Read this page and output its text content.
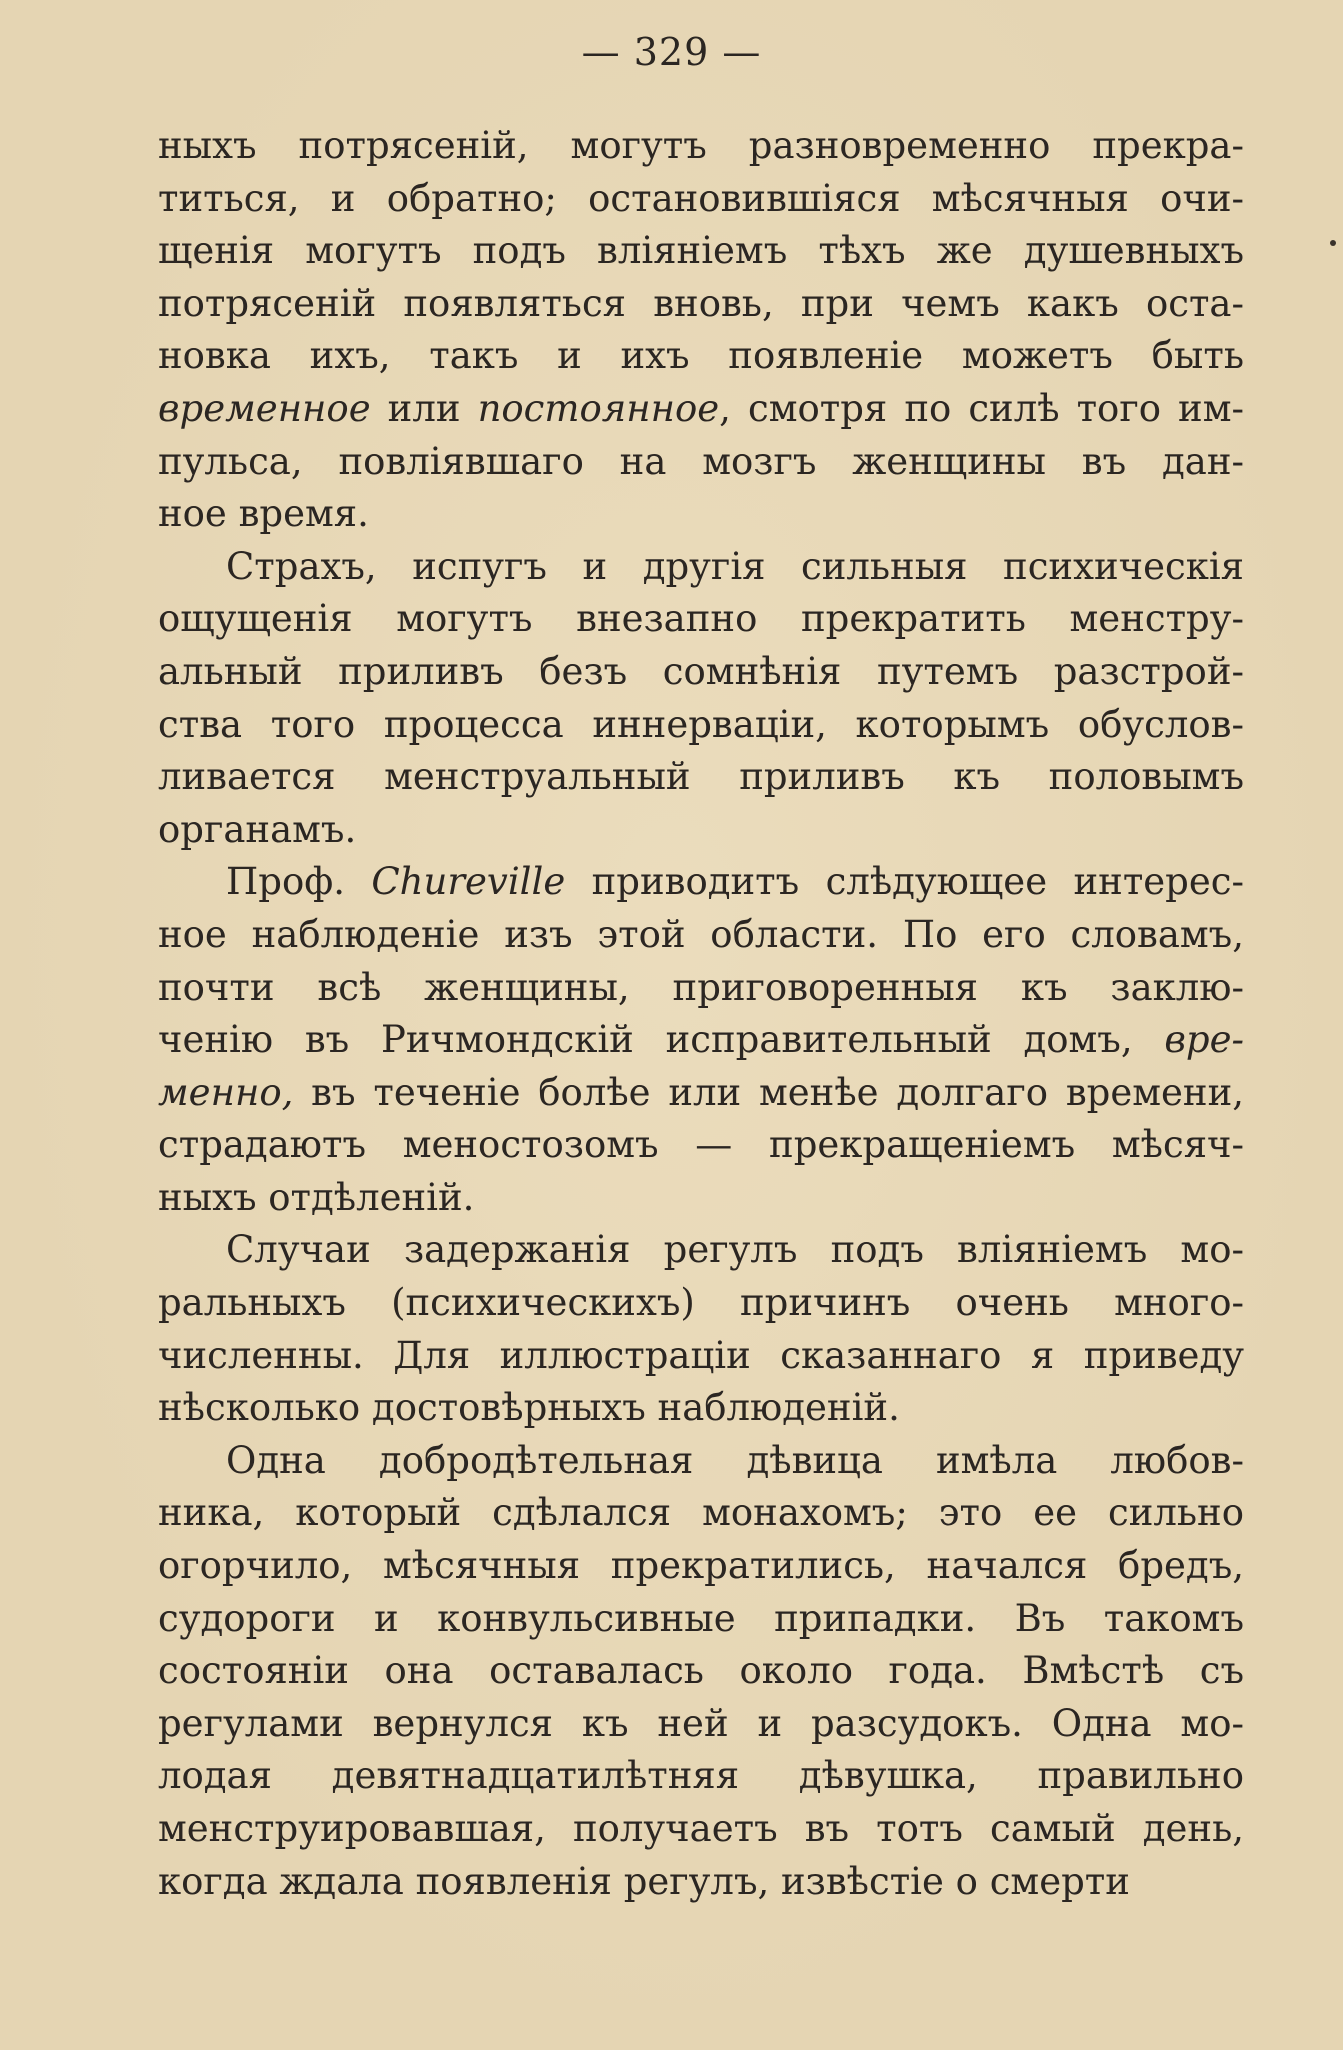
— 329 —
ныхъ потрясеній, могутъ разновременно прекра-
титься, и обратно; остановившіяся мѣсячныя очи-
щенія могутъ подъ вліяніемъ тѣхъ же душевныхъ
потрясеній появляться вновь, при чемъ какъ оста-
новка ихъ, такъ и ихъ появленіе можетъ быть
временное или постоянное, смотря по силѣ того им-
пульса, повліявшаго на мозгъ женщины въ дан-
ное время.
Страхъ, испугъ и другія сильныя психическія
ощущенія могутъ внезапно прекратить менстру-
альный приливъ безъ сомнѣнія путемъ разстрой-
ства того процесса иннерваціи, которымъ обуслов-
ливается менструальный приливъ къ половымъ
органамъ.
Проф. Chureville приводитъ слѣдующее интерес-
ное наблюденіе изъ этой области. По его словамъ,
почти всѣ женщины, приговоренныя къ заклю-
ченію въ Ричмондскій исправительный домъ, вре-
менно, въ теченіе болѣе или менѣе долгаго времени,
страдаютъ меностозомъ — прекращеніемъ мѣсяч-
ныхъ отдѣленій.
Случаи задержанія регулъ подъ вліяніемъ мо-
ральныхъ (психическихъ) причинъ очень много-
численны. Для иллюстраціи сказаннаго я приведу
нѣсколько достовѣрныхъ наблюденій.
Одна добродѣтельная дѣвица имѣла любов-
ника, который сдѣлался монахомъ; это ее сильно
огорчило, мѣсячныя прекратились, начался бредъ,
судороги и конвульсивные припадки. Въ такомъ
состояніи она оставалась около года. Вмѣстѣ съ
регулами вернулся къ ней и разсудокъ. Одна мо-
лодая девятнадцатилѣтняя дѣвушка, правильно
менструировавшая, получаетъ въ тотъ самый день,
когда ждала появленія регулъ, извѣстіе о смерти
